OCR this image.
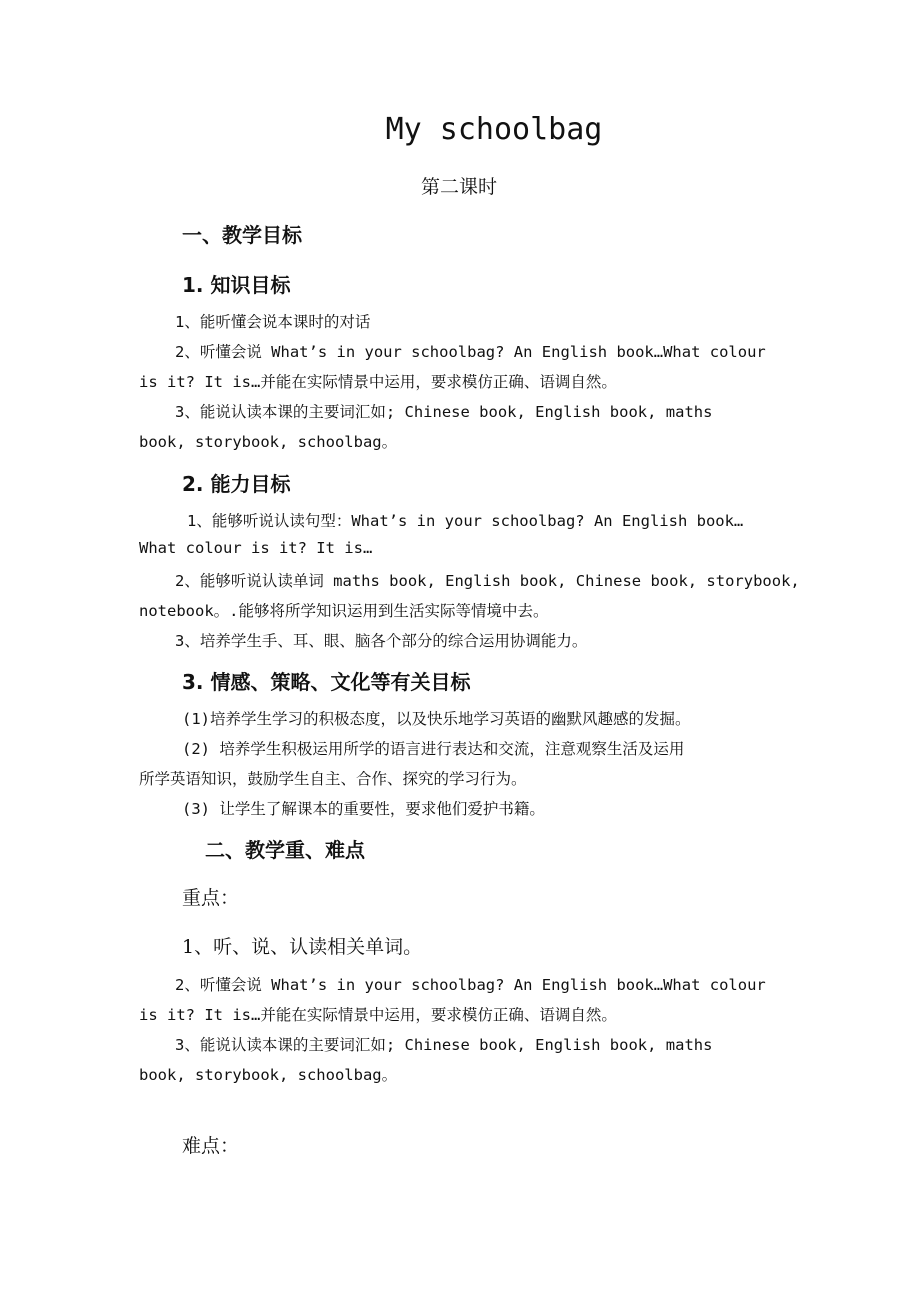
My schoolbag
第二课时
一、教学目标
1. 知识目标
1、能听懂会说本课时的对话
2、听懂会说 What’s in your schoolbag? An English book…What colour
is it? It is…并能在实际情景中运用，要求模仿正确、语调自然。
3、能说认读本课的主要词汇如; Chinese book, English book, maths
book, storybook, schoolbag。
2. 能力目标
1、能够听说认读句型：What’s in your schoolbag? An English book…
What colour is it? It is…
2、能够听说认读单词 maths book, English book, Chinese book, storybook,
notebook。.能够将所学知识运用到生活实际等情境中去。
3、培养学生手、耳、眼、脑各个部分的综合运用协调能力。
3. 情感、策略、文化等有关目标
(1)培养学生学习的积极态度，以及快乐地学习英语的幽默风趣感的发掘。
(2) 培养学生积极运用所学的语言进行表达和交流，注意观察生活及运用
所学英语知识，鼓励学生自主、合作、探究的学习行为。
(3) 让学生了解课本的重要性，要求他们爱护书籍。
二、教学重、难点
重点：
1、听、说、认读相关单词。
2、听懂会说 What’s in your schoolbag? An English book…What colour
is it? It is…并能在实际情景中运用，要求模仿正确、语调自然。
3、能说认读本课的主要词汇如; Chinese book, English book, maths
book, storybook, schoolbag。
难点：
